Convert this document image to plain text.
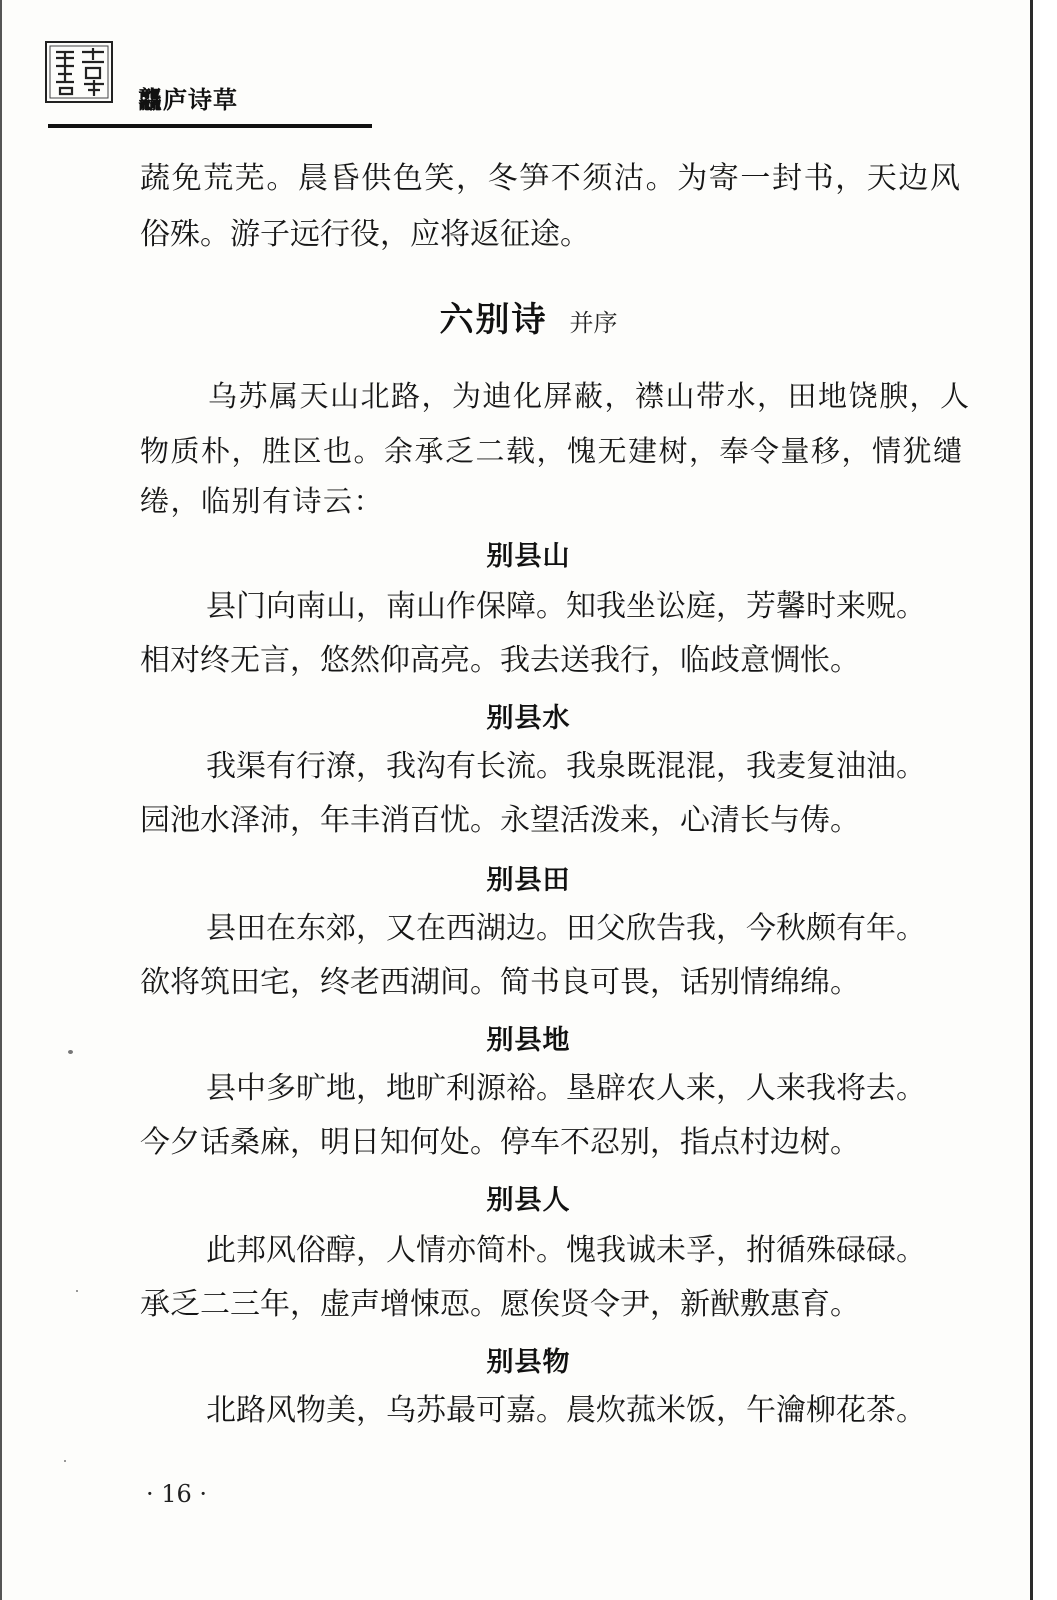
龘庐诗草
蔬免荒芜。晨昏供色笑，冬笋不须沽。为寄一封书，天边风
俗殊。游子远行役，应将返征途。
六别诗 并序
乌苏属天山北路，为迪化屏蔽，襟山带水，田地饶腴，人
物质朴，胜区也。余承乏二载，愧无建树，奉令量移，情犹缱
绻，临别有诗云：
别县山
县门向南山，南山作保障。知我坐讼庭，芳馨时来贶。
相对终无言，悠然仰高亮。我去送我行，临歧意惆怅。
别县水
我渠有行潦，我沟有长流。我泉既混混，我麦复油油。
园池水泽沛，年丰消百忧。永望活泼来，心清长与俦。
别县田
县田在东郊，又在西湖边。田父欣告我，今秋颇有年。
欲将筑田宅，终老西湖间。简书良可畏，话别情绵绵。
别县地
县中多旷地，地旷利源裕。垦辟农人来，人来我将去。
今夕话桑麻，明日知何处。停车不忍别，指点村边树。
别县人
此邦风俗醇，人情亦简朴。愧我诚未孚，拊循殊碌碌。
承乏二三年，虚声增悚恧。愿俟贤令尹，新猷敷惠育。
别县物
北路风物美，乌苏最可嘉。晨炊菰米饭，午瀹柳花茶。
· 16 ·
